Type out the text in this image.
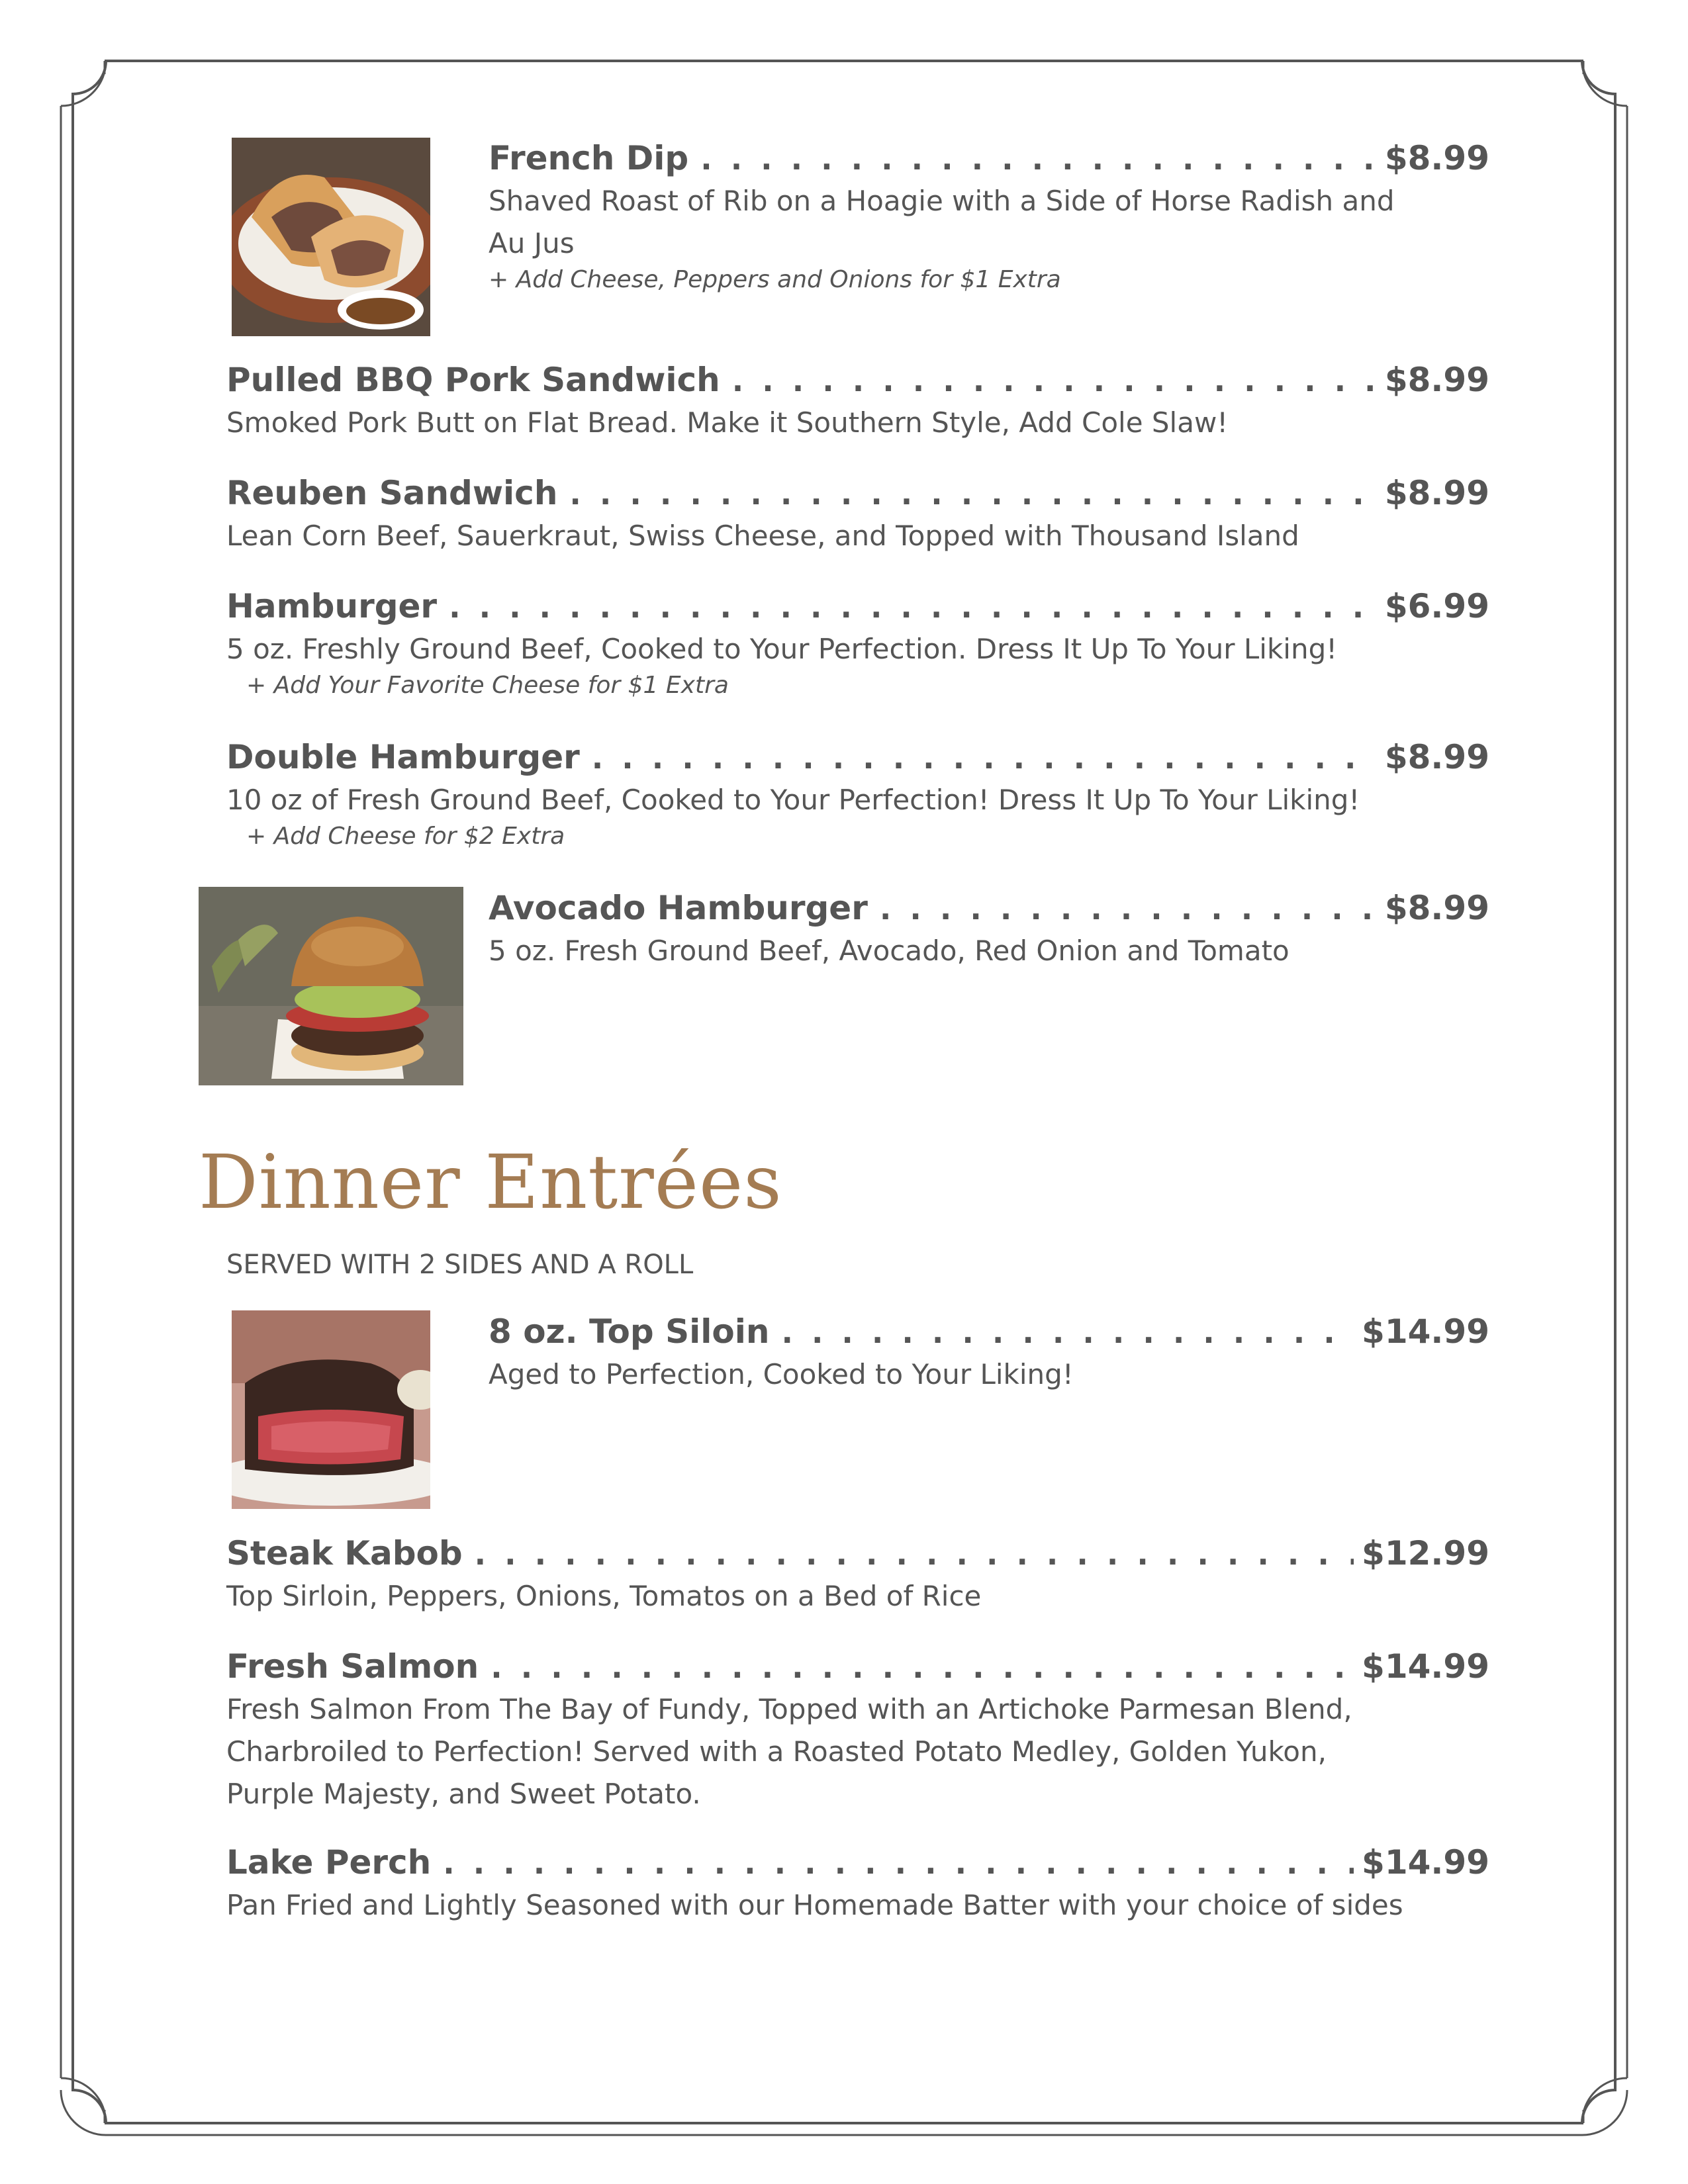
French Dip . . .	$8.99
Shaved Roast of Rib on a Hoagie with a Side of Horse Radish and Au Jus
+ Add Cheese, Peppers and Onions for $1 Extra
Pulled BBQ Pork Sandwich . . .	$8.99
Smoked Pork Butt on Flat Bread. Make it Southern Style, Add Cole Slaw!
Reuben Sandwich . . .	$8.99
Lean Corn Beef, Sauerkraut, Swiss Cheese, and Topped with Thousand Island
Hamburger . . .	$6.99
5 oz. Freshly Ground Beef, Cooked to Your Perfection. Dress It Up To Your Liking!
+ Add Your Favorite Cheese for $1 Extra
Double Hamburger . . .	$8.99
10 oz of Fresh Ground Beef, Cooked to Your Perfection! Dress It Up To Your Liking!
+ Add Cheese for $2 Extra
Avocado Hamburger . . .	$8.99
5 oz. Fresh Ground Beef, Avocado, Red Onion and Tomato
Dinner Entrées
SERVED WITH 2 SIDES AND A ROLL
8 oz. Top Siloin . . .	$14.99
Aged to Perfection, Cooked to Your Liking!
Steak Kabob . . .	$12.99
Top Sirloin, Peppers, Onions, Tomatos on a Bed of Rice
Fresh Salmon . . .	$14.99
Fresh Salmon From The Bay of Fundy, Topped with an Artichoke Parmesan Blend, Charbroiled to Perfection! Served with a Roasted Potato Medley, Golden Yukon, Purple Majesty, and Sweet Potato.
Lake Perch . . .	$14.99
Pan Fried and Lightly Seasoned with our Homemade Batter with your choice of sides
